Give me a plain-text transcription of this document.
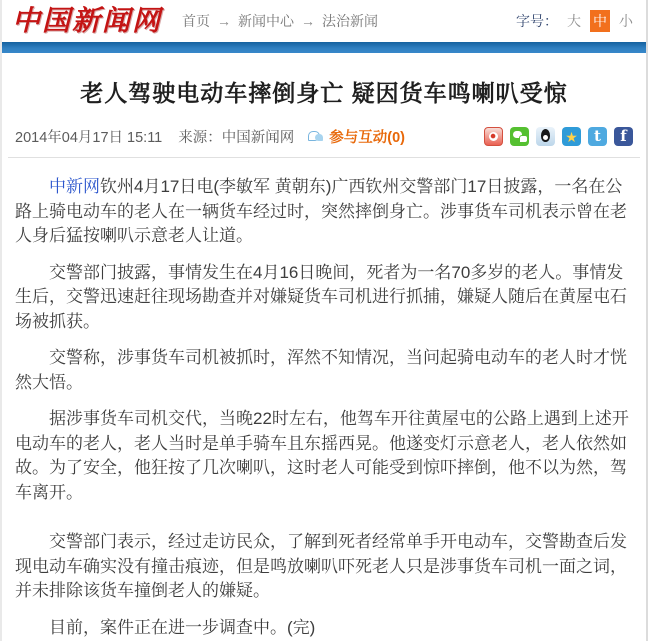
中国新闻网 首页 → 新闻中心 → 法治新闻	字号： 大 中 小
老人驾驶电动车摔倒身亡 疑因货车鸣喇叭受惊
2014年04月17日 15:11 来源：中国新闻网 参与互动(0)	★	t	f

中新网钦州4月17日电(李敏军 黄朝东)广西钦州交警部门17日披露，一名在公路上骑电动车的老人在一辆货车经过时，突然摔倒身亡。涉事货车司机表示曾在老人身后猛按喇叭示意老人让道。

交警部门披露，事情发生在4月16日晚间，死者为一名70多岁的老人。事情发生后，交警迅速赶往现场勘查并对嫌疑货车司机进行抓捕，嫌疑人随后在黄屋屯石场被抓获。

交警称，涉事货车司机被抓时，浑然不知情况，当问起骑电动车的老人时才恍然大悟。

据涉事货车司机交代，当晚22时左右，他驾车开往黄屋屯的公路上遇到上述开电动车的老人，老人当时是单手骑车且东摇西晃。他遂变灯示意老人，老人依然如故。为了安全，他狂按了几次喇叭，这时老人可能受到惊吓摔倒，他不以为然，驾车离开。

交警部门表示，经过走访民众，了解到死者经常单手开电动车，交警勘查后发现电动车确实没有撞击痕迹，但是鸣放喇叭吓死老人只是涉事货车司机一面之词，并未排除该货车撞倒老人的嫌疑。

目前，案件正在进一步调查中。(完)
